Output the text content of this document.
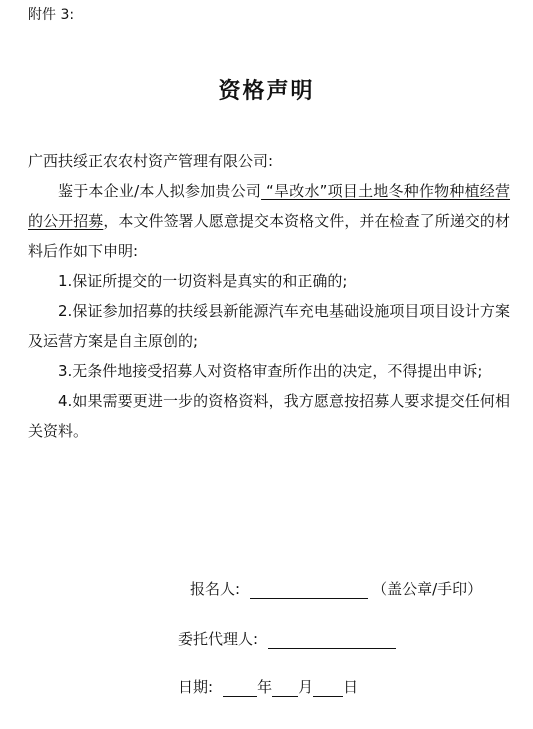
附件 3:
资格声明

广西扶绥正农农村资产管理有限公司:

鉴于本企业/本人拟参加贵公司 “旱改水”项目土地冬种作物种植经营的公开招募，本文件签署人愿意提交本资格文件，并在检查了所递交的材料后作如下申明:

1.保证所提交的一切资料是真实的和正确的;

2.保证参加招募的扶绥县新能源汽车充电基础设施项目项目设计方案及运营方案是自主原创的;

3.无条件地接受招募人对资格审查所作出的决定，不得提出申诉;

4.如果需要更进一步的资格资料，我方愿意按招募人要求提交任何相关资料。

报名人:	（盖公章/手印）
委托代理人:
日期:	年 月 日
